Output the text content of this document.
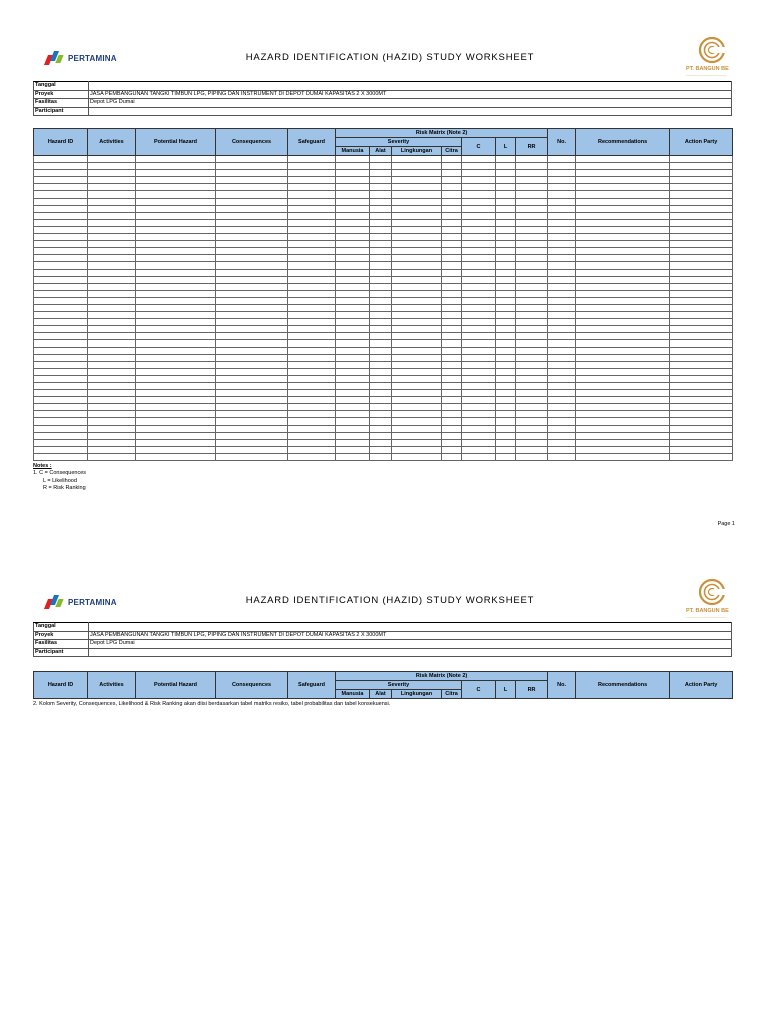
PERTAMINA	HAZARD IDENTIFICATION (HAZID) STUDY WORKSHEET
PT. BANGUN BE
~~~~~~~~~~~~~~~~~~~~~~~
Tanggal	
Proyek	JASA PEMBANGUNAN TANGKI TIMBUN LPG, PIPING DAN INSTRUMENT DI DEPOT DUMAI KAPASITAS 2 X 3000MT
Fasilitas	Depot LPG Dumai
Participant	
Hazard ID	Activities	Potential Hazard	Consequences	Safeguard	Risk Matrix (Note 2)							No.	Recommendations	Action Party
					Severity				C	L	RR			
					Manusia	Alat	Lingkungan	Citra						

Notes :
1. C = Consequences
L = Likelihood
R = Risk Ranking
Page 1
PERTAMINA	HAZARD IDENTIFICATION (HAZID) STUDY WORKSHEET
PT. BANGUN BE
~~~~~~~~~~~~~~~~~~~~~~~
Tanggal	
Proyek	JASA PEMBANGUNAN TANGKI TIMBUN LPG, PIPING DAN INSTRUMENT DI DEPOT DUMAI KAPASITAS 2 X 3000MT
Fasilitas	Depot LPG Dumai
Participant	
Hazard ID	Activities	Potential Hazard	Consequences	Safeguard	Risk Matrix (Note 2)							No.	Recommendations	Action Party
					Severity				C	L	RR			
					Manusia	Alat	Lingkungan	Citra						
2. Kolom Severity, Consequences, Likelihood & Risk Ranking akan diisi berdasarkan tabel matriks resiko, tabel probabilitas dan tabel konsekuensi.
